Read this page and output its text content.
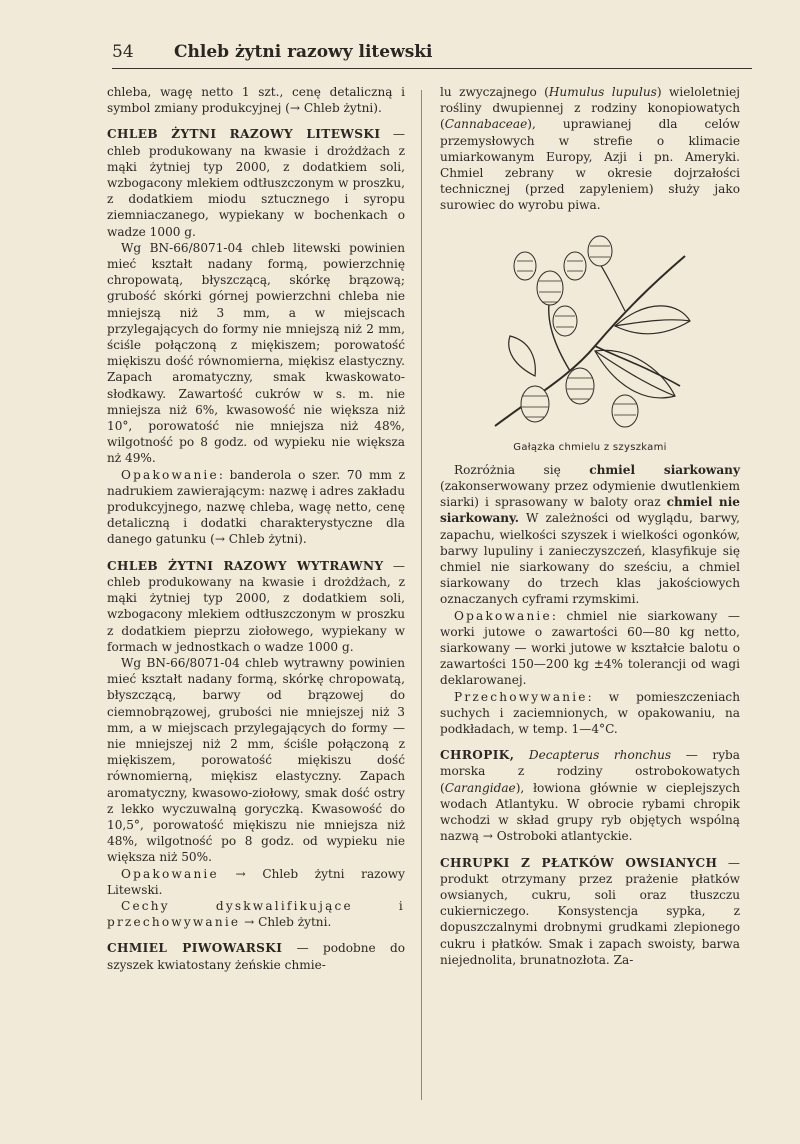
54 Chleb żytni razowy litewski

chleba, wagę netto 1 szt., cenę detaliczną i symbol zmiany produkcyjnej (→ Chleb żytni).

CHLEB ŻYTNI RAZOWY LITEWSKI — chleb produkowany na kwasie i drożdżach z mąki żytniej typ 2000, z dodatkiem soli, wzbogacony mlekiem odtłuszczonym w proszku, z dodatkiem miodu sztucznego i syropu ziemniaczanego, wypiekany w bochenkach o wadze 1000 g.

Wg BN-66/8071-04 chleb litewski powinien mieć kształt nadany formą, powierzchnię chropowatą, błyszczącą, skórkę brązową; grubość skórki górnej powierzchni chleba nie mniejszą niż 3 mm, a w miejscach przylegających do formy nie mniejszą niż 2 mm, ściśle połączoną z miękiszem; porowatość miękiszu dość równomierna, miękisz elastyczny. Zapach aromatyczny, smak kwaskowato-słodkawy. Zawartość cukrów w s. m. nie mniejsza niż 6%, kwasowość nie większa niż 10°, porowatość nie mniejsza niż 48%, wilgotność po 8 godz. od wypieku nie większa nż 49%.

Opakowanie: banderola o szer. 70 mm z nadrukiem zawierającym: nazwę i adres zakładu produkcyjnego, nazwę chleba, wagę netto, cenę detaliczną i dodatki charakterystyczne dla danego gatunku (→ Chleb żytni).

CHLEB ŻYTNI RAZOWY WYTRAWNY — chleb produkowany na kwasie i drożdżach, z mąki żytniej typ 2000, z dodatkiem soli, wzbogacony mlekiem odtłuszczonym w proszku z dodatkiem pieprzu ziołowego, wypiekany w formach w jednostkach o wadze 1000 g.

Wg BN-66/8071-04 chleb wytrawny powinien mieć kształt nadany formą, skórkę chropowatą, błyszczącą, barwy od brązowej do ciemnobrązowej, grubości nie mniejszej niż 3 mm, a w miejscach przylegających do formy — nie mniejszej niż 2 mm, ściśle połączoną z miękiszem, porowatość miękiszu dość równomierną, miękisz elastyczny. Zapach aromatyczny, kwasowo-ziołowy, smak dość ostry z lekko wyczuwalną goryczką. Kwasowość do 10,5°, porowatość miękiszu nie mniejsza niż 48%, wilgotność po 8 godz. od wypieku nie większa niż 50%.

Opakowanie → Chleb żytni razowy Litewski.

Cechy dyskwalifikujące i przechowywanie → Chleb żytni.

CHMIEL PIWOWARSKI — podobne do szyszek kwiatostany żeńskie chmie-

lu zwyczajnego (Humulus lupulus) wieloletniej rośliny dwupiennej z rodziny konopiowatych (Cannabaceae), uprawianej dla celów przemysłowych w strefie o klimacie umiarkowanym Europy, Azji i pn. Ameryki. Chmiel zebrany w okresie dojrzałości technicznej (przed zapyleniem) służy jako surowiec do wyrobu piwa.

Gałązka chmielu z szyszkami

Rozróżnia się chmiel siarkowany (zakonserwowany przez odymienie dwutlenkiem siarki) i sprasowany w baloty oraz chmiel nie siarkowany. W zależności od wyglądu, barwy, zapachu, wielkości szyszek i wielkości ogonków, barwy lupuliny i zanieczyszczeń, klasyfikuje się chmiel nie siarkowany do sześciu, a chmiel siarkowany do trzech klas jakościowych oznaczanych cyframi rzymskimi.

Opakowanie: chmiel nie siarkowany — worki jutowe o zawartości 60—80 kg netto, siarkowany — worki jutowe w kształcie balotu o zawartości 150—200 kg ±4% tolerancji od wagi deklarowanej.

Przechowywanie: w pomieszczeniach suchych i zaciemnionych, w opakowaniu, na podkładach, w temp. 1—4°C.

CHROPIK, Decapterus rhonchus — ryba morska z rodziny ostrobokowatych (Carangidae), łowiona głównie w cieplejszych wodach Atlantyku. W obrocie rybami chropik wchodzi w skład grupy ryb objętych wspólną nazwą → Ostroboki atlantyckie.

CHRUPKI Z PŁATKÓW OWSIANYCH — produkt otrzymany przez prażenie płatków owsianych, cukru, soli oraz tłuszczu cukierniczego. Konsystencja sypka, z dopuszczalnymi drobnymi grudkami zlepionego cukru i płatków. Smak i zapach swoisty, barwa niejednolita, brunatnozłota. Za-
